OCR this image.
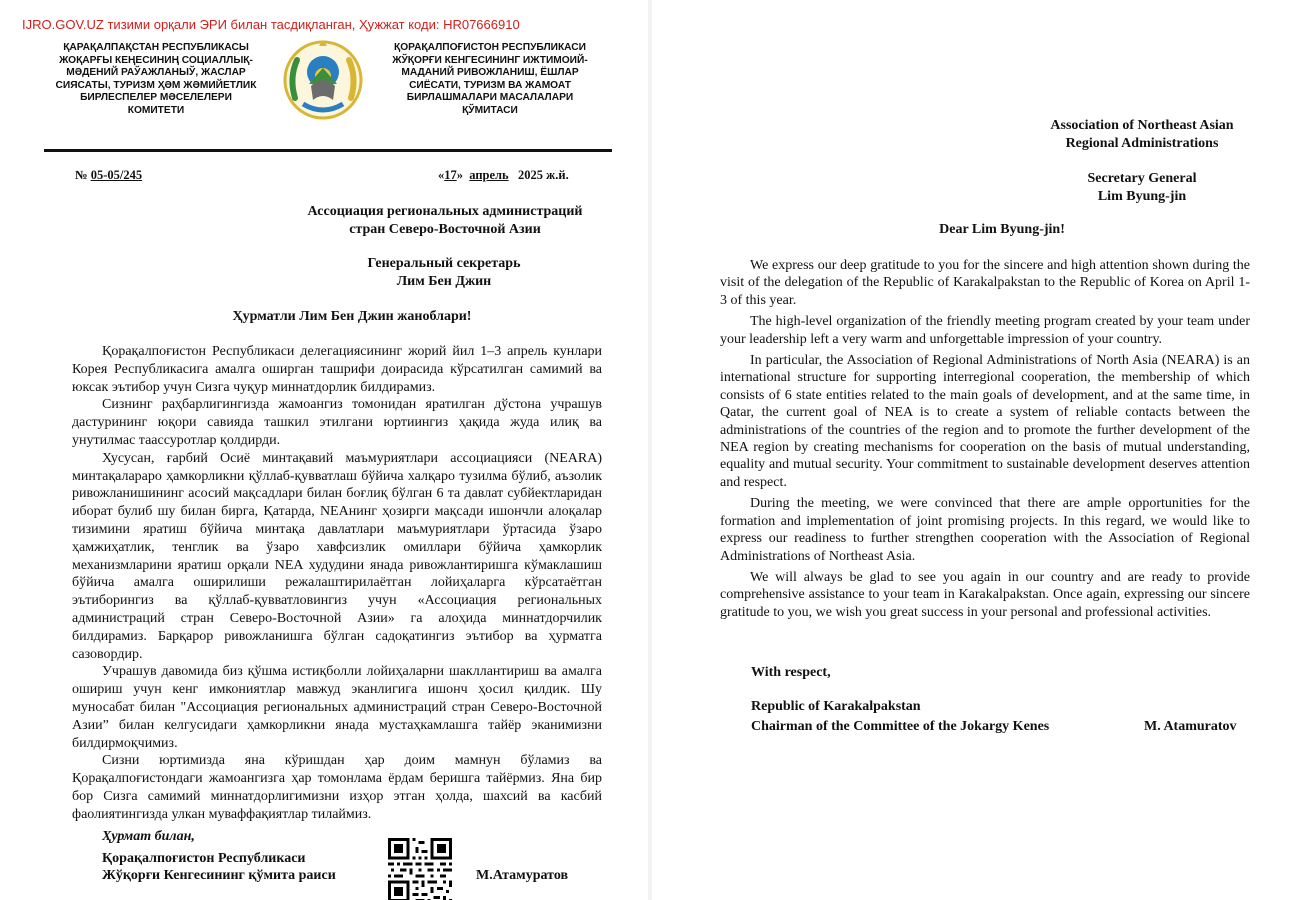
IJRO.GOV.UZ тизими орқали ЭРИ билан тасдиқланган, Ҳужжат коди: HR07666910
ҚАРАҚАЛПАҚСТАН РЕСПУБЛИКАСЫ
ЖОҚАРҒЫ КЕҢЕСИНИҢ СОЦИАЛЛЫҚ-
МӘДЕНИЙ РАЎАЖЛАНЫЎ, ЖАСЛАР
СИЯСАТЫ, ТУРИЗМ ҲӘМ ЖӘМИЙЕТЛИК
БИРЛЕСПЕЛЕР МӘСЕЛЕЛЕРИ
КОМИТЕТИ
ҚОРАҚАЛПОҒИСТОН РЕСПУБЛИКАСИ
ЖЎҚОРҒИ КЕНГЕСИНИНГ ИЖТИМОИЙ-
МАДАНИЙ РИВОЖЛАНИШ, ЁШЛАР
СИЁСАТИ, ТУРИЗМ ВА ЖАМОАТ
БИРЛАШМАЛАРИ МАСАЛАЛАРИ
ҚЎМИТАСИ
№ 05-05/245	«17» апрель 2025 ж.й.
Ассоциация региональных администраций
стран Северо-Восточной Азии
Генеральный секретарь
Лим Бен Джин
Ҳурматли Лим Бен Джин жаноблари!

Қорақалпоғистон Республикаси делегациясининг жорий йил 1–3 апрель кунлари Корея Республикасига амалга оширган ташрифи доирасида кўрсатилган самимий ва юксак эътибор учун Сизга чуқур миннатдорлик билдирамиз.

Сизнинг раҳбарлигингизда жамоангиз томонидан яратилган дўстона учрашув дастурининг юқори савияда ташкил этилгани юртиингиз ҳақида жуда илиқ ва унутилмас таассуротлар қолдирди.

Хусусан, ғарбий Осиё минтақавий маъмуриятлари ассоциацияси (NEARA) минтақалараро ҳамкорликни қўллаб-қувватлаш бўйича халқаро тузилма бўлиб, аъзолик ривожланишининг асосий мақсадлари билан боғлиқ бўлган 6 та давлат субйектларидан иборат булиб шу билан бирга, Қатарда, NEAнинг ҳозирги мақсади ишончли алоқалар тизимини яратиш бўйича минтақа давлатлари маъмуриятлари ўртасида ўзаро ҳамжиҳатлик, тенглик ва ўзаро хавфсизлик омиллари бўйича ҳамкорлик механизмларини яратиш орқали NEA худудини янада ривожлантиришга кўмаклашиш бўйича амалга оширилиши режалаштирилаётган лойиҳаларга кўрсатаётган эътиборингиз ва қўллаб-қувватловингиз учун «Ассоциация региональных администраций стран Северо-Восточной Азии» га алоҳида миннатдорчилик билдирамиз. Барқарор ривожланишга бўлган садоқатингиз эътибор ва ҳурматга сазовордир.

Учрашув давомида биз қўшма истиқболли лойиҳаларни шакллантириш ва амалга ошириш учун кенг имкониятлар мавжуд эканлигига ишонч ҳосил қилдик. Шу муносабат билан "Ассоциация региональных администраций стран Северо-Восточной Азии” билан келгусидаги ҳамкорликни янада мустаҳкамлашга тайёр эканимизни билдирмоқчимиз.

Сизни юртимизда яна кўришдан ҳар доим мамнун бўламиз ва Қорақалпоғистондаги жамоангизга ҳар томонлама ёрдам беришга тайёрмиз. Яна бир бор Сизга самимий миннатдорлигимизни изҳор этган ҳолда, шахсий ва касбий фаолиятингизда улкан муваффақиятлар тилаймиз.

Ҳурмат билан,
Қорақалпоғистон Республикаси
Жўқорғи Кенгесининг қўмита раиси	М.Атамуратов
Association of Northeast Asian
Regional Administrations
Secretary General
Lim Byung-jin
Dear Lim Byung-jin!

We express our deep gratitude to you for the sincere and high attention shown during the visit of the delegation of the Republic of Karakalpakstan to the Republic of Korea on April 1-3 of this year.

The high-level organization of the friendly meeting program created by your team under your leadership left a very warm and unforgettable impression of your country.

In particular, the Association of Regional Administrations of North Asia (NEARA) is an international structure for supporting interregional cooperation, the membership of which consists of 6 state entities related to the main goals of development, and at the same time, in Qatar, the current goal of NEA is to create a system of reliable contacts between the administrations of the countries of the region and to promote the further development of the NEA region by creating mechanisms for cooperation on the basis of mutual understanding, equality and mutual security. Your commitment to sustainable development deserves attention and respect.

During the meeting, we were convinced that there are ample opportunities for the formation and implementation of joint promising projects. In this regard, we would like to express our readiness to further strengthen cooperation with the Association of Regional Administrations of Northeast Asia.

We will always be glad to see you again in our country and are ready to provide comprehensive assistance to your team in Karakalpakstan. Once again, expressing our sincere gratitude to you, we wish you great success in your personal and professional activities.

With respect,
Republic of Karakalpakstan
Chairman of the Committee of the Jokargy Kenes	M. Atamuratov
